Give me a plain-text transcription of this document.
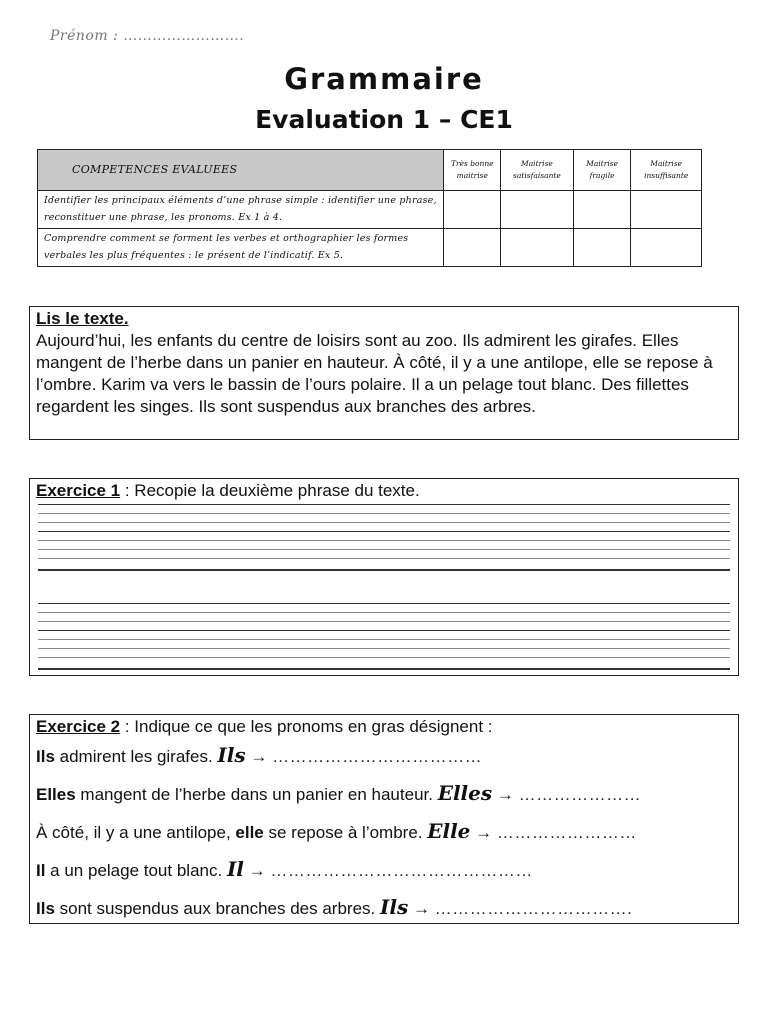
Prénom : …………………….
Grammaire
Evaluation 1 – CE1
COMPETENCES EVALUEES	Très bonne maitrise	Maitrise satisfaisante	Maitrise fragile	Maitrise insuffisante
Identifier les principaux éléments d’une phrase simple : identifier une phrase, reconstituer une phrase, les pronoms. Ex 1 à 4.				
Comprendre comment se forment les verbes et orthographier les formes verbales les plus fréquentes : le présent de l’indicatif. Ex 5.				
Lis le texte.
Aujourd’hui, les enfants du centre de loisirs sont au zoo. Ils admirent les girafes. Elles mangent de l’herbe dans un panier en hauteur. À côté, il y a une antilope, elle se repose à l’ombre. Karim va vers le bassin de l’ours polaire. Il a un pelage tout blanc. Des fillettes regardent les singes. Ils sont suspendus aux branches des arbres.
Exercice 1 : Recopie la deuxième phrase du texte.
Exercice 2 : Indique ce que les pronoms en gras désignent :
Ils admirent les girafes. Ils → ………………………………
Elles mangent de l’herbe dans un panier en hauteur. Elles → …………………
À côté, il y a une antilope, elle se repose à l’ombre. Elle → ……………………
Il a un pelage tout blanc. Il → ………………………………………
Ils sont suspendus aux branches des arbres. Ils → …………………………….
